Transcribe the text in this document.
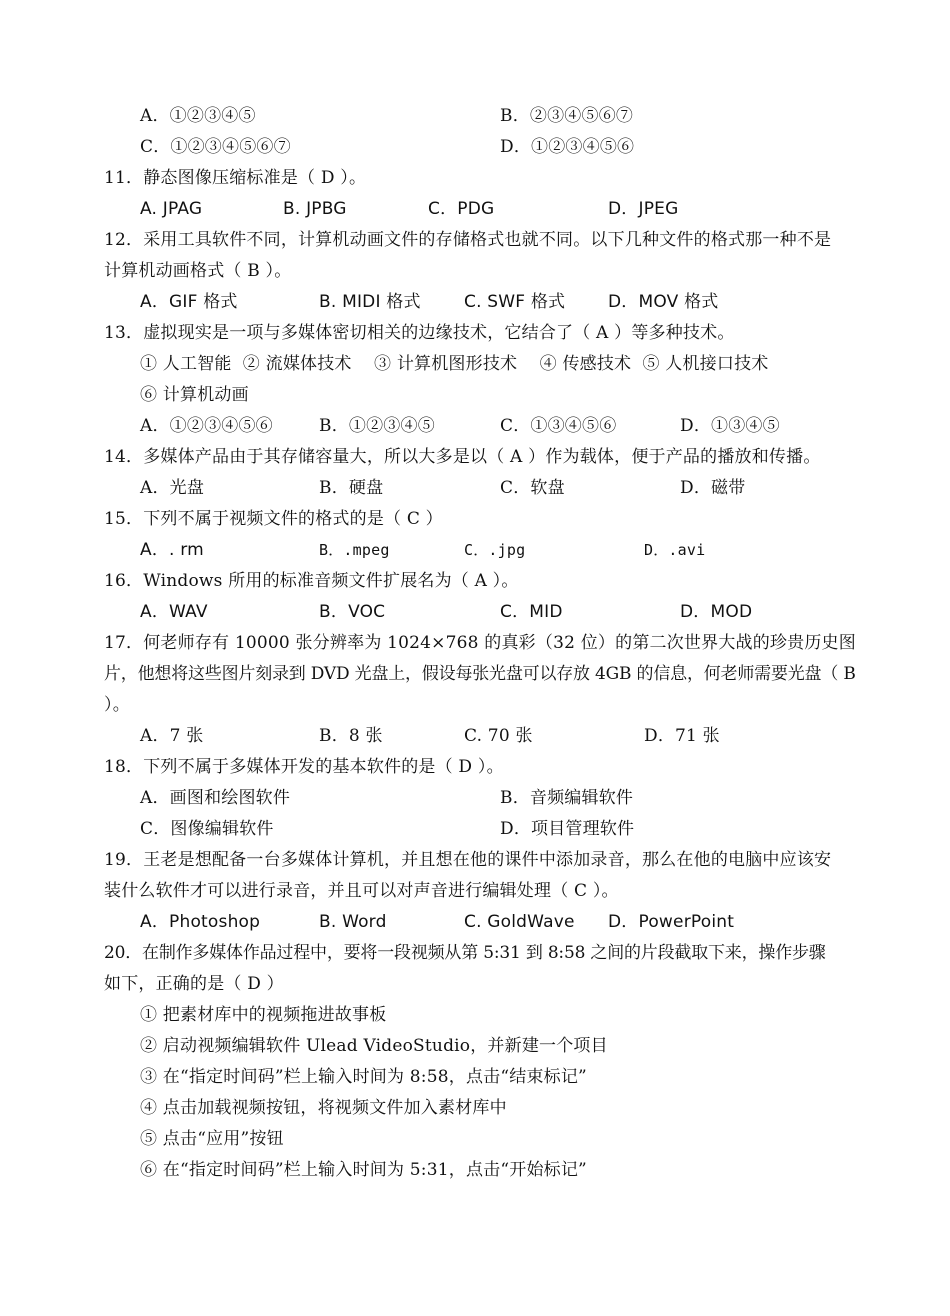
A．①②③④⑤	B．②③④⑤⑥⑦
C．①②③④⑤⑥⑦	D．①②③④⑤⑥
11．静态图像压缩标准是（ D ）。
A. JPAG	B. JPBG	C．PDG	D．JPEG
12．采用工具软件不同，计算机动画文件的存储格式也就不同。以下几种文件的格式那一种不是
计算机动画格式（ B ）。
A．GIF 格式	B. MIDI 格式	C. SWF 格式	D．MOV 格式
13．虚拟现实是一项与多媒体密切相关的边缘技术，它结合了（ A ）等多种技术。
① 人工智能  ② 流媒体技术    ③ 计算机图形技术    ④ 传感技术  ⑤ 人机接口技术
⑥ 计算机动画
A．①②③④⑤⑥	B．①②③④⑤	C．①③④⑤⑥	D．①③④⑤
14．多媒体产品由于其存储容量大，所以大多是以（ A ）作为载体，便于产品的播放和传播。
A．光盘	B．硬盘	C．软盘	D．磁带
15．下列不属于视频文件的格式的是（ C ）
A．. rm	B．.mpeg	C．.jpg	D．.avi
16．Windows 所用的标准音频文件扩展名为（ A ）。
A．WAV	B．VOC	C．MID	D．MOD
17．何老师存有 10000 张分辨率为 1024×768 的真彩（32 位）的第二次世界大战的珍贵历史图
片，他想将这些图片刻录到 DVD 光盘上，假设每张光盘可以存放 4GB 的信息，何老师需要光盘（ B
）。
A．7 张	B．8 张	C. 70 张	D．71 张
18．下列不属于多媒体开发的基本软件的是（ D ）。
A．画图和绘图软件	B．音频编辑软件
C．图像编辑软件	D．项目管理软件
19．王老是想配备一台多媒体计算机，并且想在他的课件中添加录音，那么在他的电脑中应该安
装什么软件才可以进行录音，并且可以对声音进行编辑处理（ C ）。
A．Photoshop	B. Word	C. GoldWave D．PowerPoint
20．在制作多媒体作品过程中，要将一段视频从第 5:31 到 8:58 之间的片段截取下来，操作步骤
如下，正确的是（ D ）
① 把素材库中的视频拖进故事板
② 启动视频编辑软件 Ulead VideoStudio，并新建一个项目
③ 在“指定时间码”栏上输入时间为 8:58，点击“结束标记”
④ 点击加载视频按钮，将视频文件加入素材库中
⑤ 点击“应用”按钮
⑥ 在“指定时间码”栏上输入时间为 5:31，点击“开始标记”
